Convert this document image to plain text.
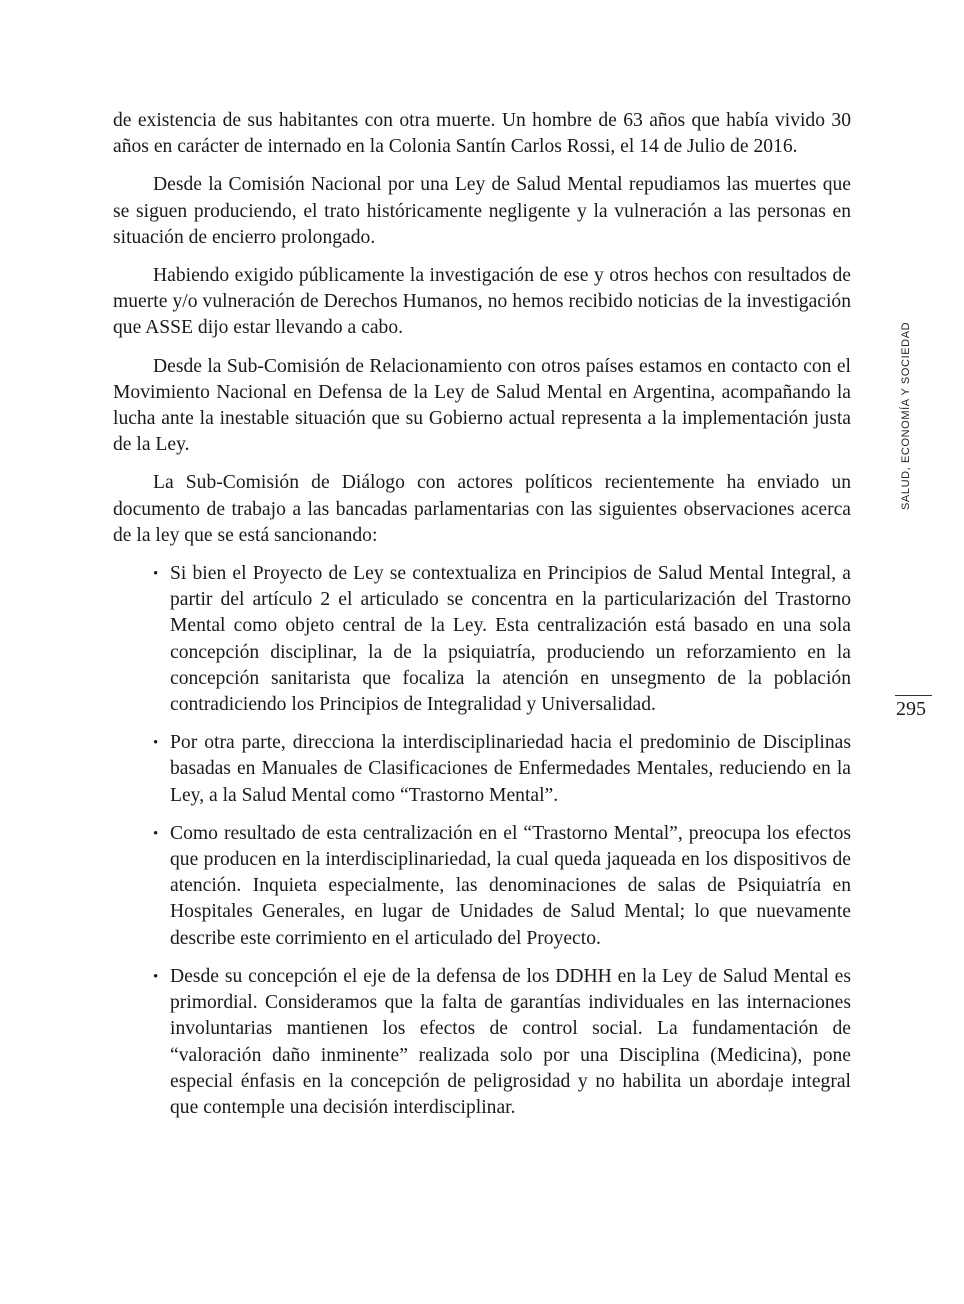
de existencia de sus habitantes con otra muerte. Un hombre de 63 años que había vivido 30 años en carácter de internado en la Colonia Santín Carlos Rossi, el 14 de Julio de 2016.

Desde la Comisión Nacional por una Ley de Salud Mental repudiamos las muertes que se siguen produciendo, el trato históricamente negligente y la vulneración a las personas en situación de encierro prolongado.

Habiendo exigido públicamente la investigación de ese y otros hechos con resultados de muerte y/o vulneración de Derechos Humanos, no hemos recibido noticias de la investigación que ASSE dijo estar llevando a cabo.

Desde la Sub-Comisión de Relacionamiento con otros países estamos en contacto con el Movimiento Nacional en Defensa de la Ley de Salud Mental en Argentina, acompañando la lucha ante la inestable situación que su Gobierno actual representa a la implementación justa de la Ley.

La Sub-Comisión de Diálogo con actores políticos recientemente ha enviado un documento de trabajo a las bancadas parlamentarias con las siguientes observaciones acerca de la ley que se está sancionando:

• Si bien el Proyecto de Ley se contextualiza en Principios de Salud Mental Integral, a partir del artículo 2 el articulado se concentra en la particularización del Trastorno Mental como objeto central de la Ley. Esta centralización está basado en una sola concepción disciplinar, la de la psiquiatría, produciendo un reforzamiento en la concepción sanitarista que focaliza la atención en unsegmento de la población contradiciendo los Principios de Integralidad y Universalidad.
• Por otra parte, direcciona la interdisciplinariedad hacia el predominio de Disciplinas basadas en Manuales de Clasificaciones de Enfermedades Mentales, reduciendo en la Ley, a la Salud Mental como “Trastorno Mental”.
• Como resultado de esta centralización en el “Trastorno Mental”, preocupa los efectos que producen en la interdisciplinariedad, la cual queda jaqueada en los dispositivos de atención. Inquieta especialmente, las denominaciones de salas de Psiquiatría en Hospitales Generales, en lugar de Unidades de Salud Mental; lo que nuevamente describe este corrimiento en el articulado del Proyecto.
• Desde su concepción el eje de la defensa de los DDHH en la Ley de Salud Mental es primordial. Consideramos que la falta de garantías individuales en las internaciones involuntarias mantienen los efectos de control social. La fundamentación de “valoración daño inminente” realizada solo por una Disciplina (Medicina), pone especial énfasis en la concepción de peligrosidad y no habilita un abordaje integral que contemple una decisión interdisciplinar.
SALUD, ECONOMÍA Y SOCIEDAD
295
